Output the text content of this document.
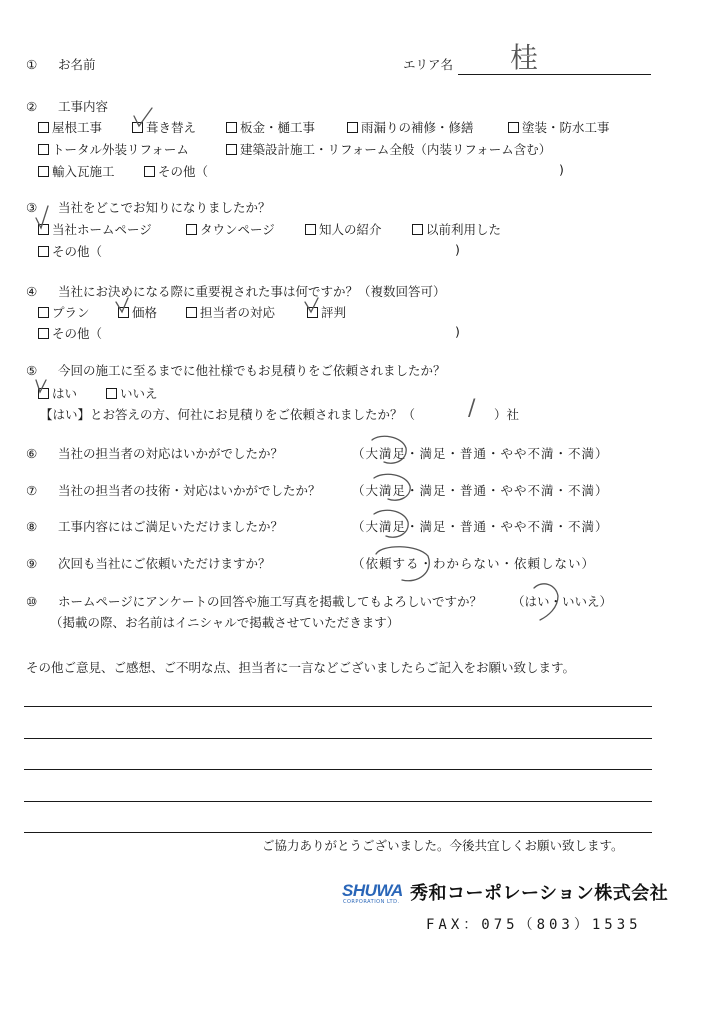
① お名前	エリア名 桂
② 工事内容
屋根工事	葺き替え	板金・樋工事	雨漏りの補修・修繕	塗装・防水工事
トータル外装リフォーム	建築設計施工・リフォーム全般（内装リフォーム含む）
輸入瓦施工	その他（	)
③ 当社をどこでお知りになりましたか？
当社ホームページ	タウンページ	知人の紹介	以前利用した
その他（	)
④ 当社にお決めになる際に重要視された事は何ですか？（複数回答可）
プラン	価格	担当者の対応	評判
その他（	)
⑤ 今回の施工に至るまでに他社様でもお見積りをご依頼されましたか？
はい	いいえ
【はい】とお答えの方、何社にお見積りをご依頼されましたか？（	）社
/
⑥ 当社の担当者の対応はいかがでしたか？	（大満足・満足・普通・やや不満・不満）
⑦ 当社の担当者の技術・対応はいかがでしたか？	（大満足・満足・普通・やや不満・不満）
⑧ 工事内容にはご満足いただけましたか？	（大満足・満足・普通・やや不満・不満）
⑨ 次回も当社にご依頼いただけますか？	（依頼する・わからない・依頼しない）
⑩ ホームページにアンケートの回答や施工写真を掲載してもよろしいですか？ （はい・いいえ）
（掲載の際、お名前はイニシャルで掲載させていただきます）
その他ご意見、ご感想、ご不明な点、担当者に一言などございましたらご記入をお願い致します。
ご協力ありがとうございました。今後共宜しくお願い致します。
SHUWA
CORPORATION LTD. 秀和コーポレーション株式会社
FAX：075（803）1535
